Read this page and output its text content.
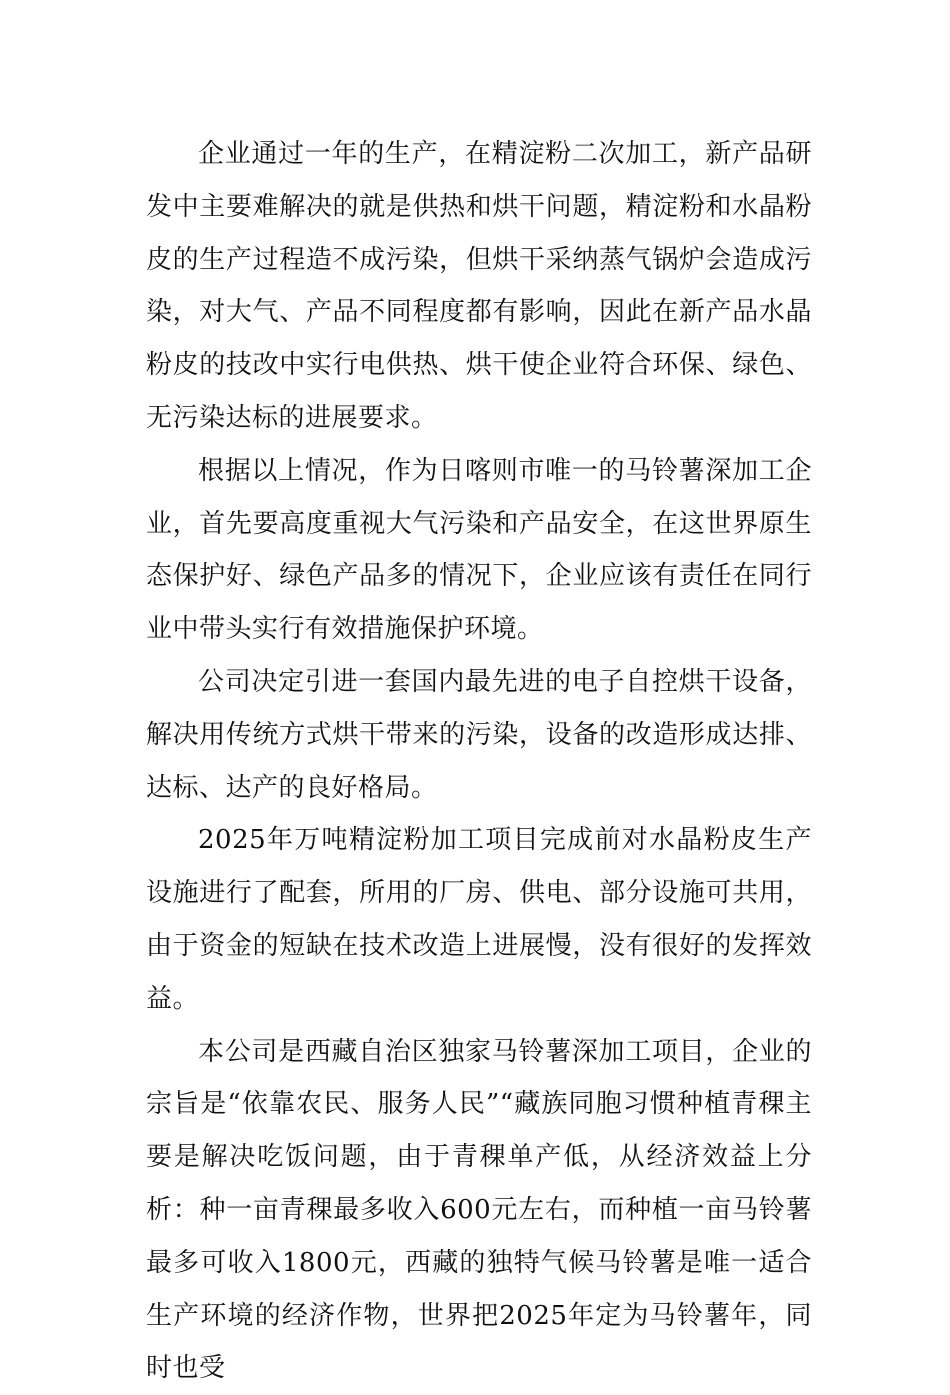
企业通过一年的生产，在精淀粉二次加工，新产品研发中主要难解决的就是供热和烘干问题，精淀粉和水晶粉皮的生产过程造不成污染，但烘干采纳蒸气锅炉会造成污染，对大气、产品不同程度都有影响，因此在新产品水晶粉皮的技改中实行电供热、烘干使企业符合环保、绿色、无污染达标的进展要求。

根据以上情况，作为日喀则市唯一的马铃薯深加工企业，首先要高度重视大气污染和产品安全，在这世界原生态保护好、绿色产品多的情况下，企业应该有责任在同行业中带头实行有效措施保护环境。

公司决定引进一套国内最先进的电子自控烘干设备，解决用传统方式烘干带来的污染，设备的改造形成达排、达标、达产的良好格局。

2025年万吨精淀粉加工项目完成前对水晶粉皮生产设施进行了配套，所用的厂房、供电、部分设施可共用，由于资金的短缺在技术改造上进展慢，没有很好的发挥效益。

本公司是西藏自治区独家马铃薯深加工项目，企业的宗旨是“依靠农民、服务人民”“藏族同胞习惯种植青稞主要是解决吃饭问题，由于青稞单产低，从经济效益上分析：种一亩青稞最多收入600元左右，而种植一亩马铃薯最多可收入1800元，西藏的独特气候马铃薯是唯一适合生产环境的经济作物，世界把2025年定为马铃薯年，同时也受
